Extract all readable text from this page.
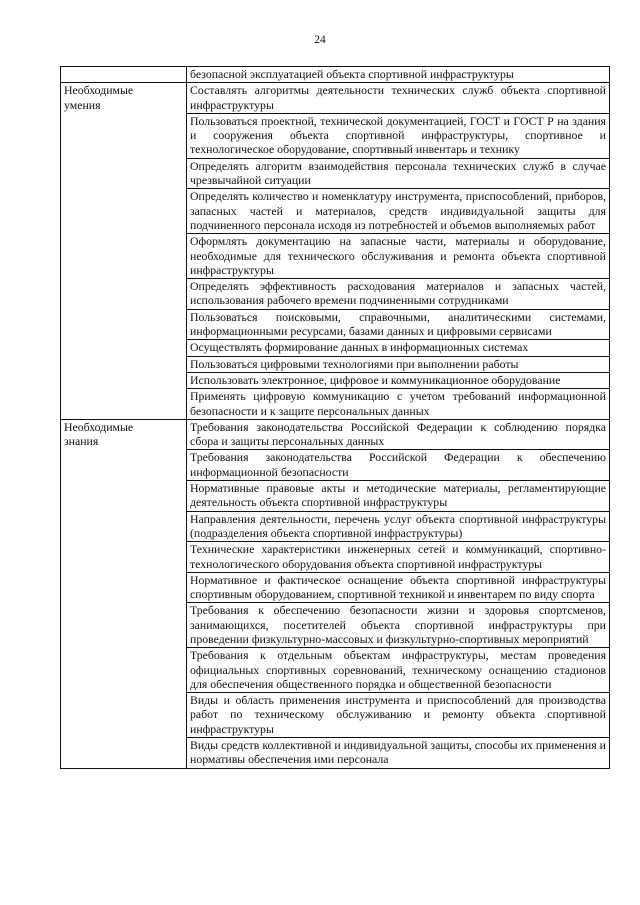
24
	безопасной эксплуатацией объекта спортивной инфраструктуры

Необходимые
умения	Составлять алгоритмы деятельности технических служб объекта спортивной инфраструктуры
	Пользоваться проектной, технической документацией, ГОСТ и ГОСТ Р на здания и сооружения объекта спортивной инфраструктуры, спортивное и технологическое оборудование, спортивный инвентарь и технику
	Определять алгоритм взаимодействия персонала технических служб в случае чрезвычайной ситуации
	Определять количество и номенклатуру инструмента, приспособлений, приборов, запасных частей и материалов, средств индивидуальной защиты для подчиненного персонала исходя из потребностей и объемов выполняемых работ
	Оформлять документацию на запасные части, материалы и оборудование, необходимые для технического обслуживания и ремонта объекта спортивной инфраструктуры
	Определять эффективность расходования материалов и запасных частей, использования рабочего времени подчиненными сотрудниками
	Пользоваться поисковыми, справочными, аналитическими системами, информационными ресурсами, базами данных и цифровыми сервисами
	Осуществлять формирование данных в информационных системах
	Пользоваться цифровыми технологиями при выполнении работы
	Использовать электронное, цифровое и коммуникационное оборудование
	Применять цифровую коммуникацию с учетом требований информационной безопасности и к защите персональных данных

Необходимые
знания	Требования законодательства Российской Федерации к соблюдению порядка сбора и защиты персональных данных
	Требования законодательства Российской Федерации к обеспечению информационной безопасности
	Нормативные правовые акты и методические материалы, регламентирующие деятельность объекта спортивной инфраструктуры
	Направления деятельности, перечень услуг объекта спортивной инфраструктуры (подразделения объекта спортивной инфраструктуры)
	Технические характеристики инженерных сетей и коммуникаций, спортивно-технологического оборудования объекта спортивной инфраструктуры
	Нормативное и фактическое оснащение объекта спортивной инфраструктуры спортивным оборудованием, спортивной техникой и инвентарем по виду спорта
	Требования к обеспечению безопасности жизни и здоровья спортсменов, занимающихся, посетителей объекта спортивной инфраструктуры при проведении физкультурно-массовых и физкультурно-спортивных мероприятий
	Требования к отдельным объектам инфраструктуры, местам проведения официальных спортивных соревнований, техническому оснащению стадионов для обеспечения общественного порядка и общественной безопасности
	Виды и область применения инструмента и приспособлений для производства работ по техническому обслуживанию и ремонту объекта спортивной инфраструктуры
	Виды средств коллективной и индивидуальной защиты, способы их применения и нормативы обеспечения ими персонала
